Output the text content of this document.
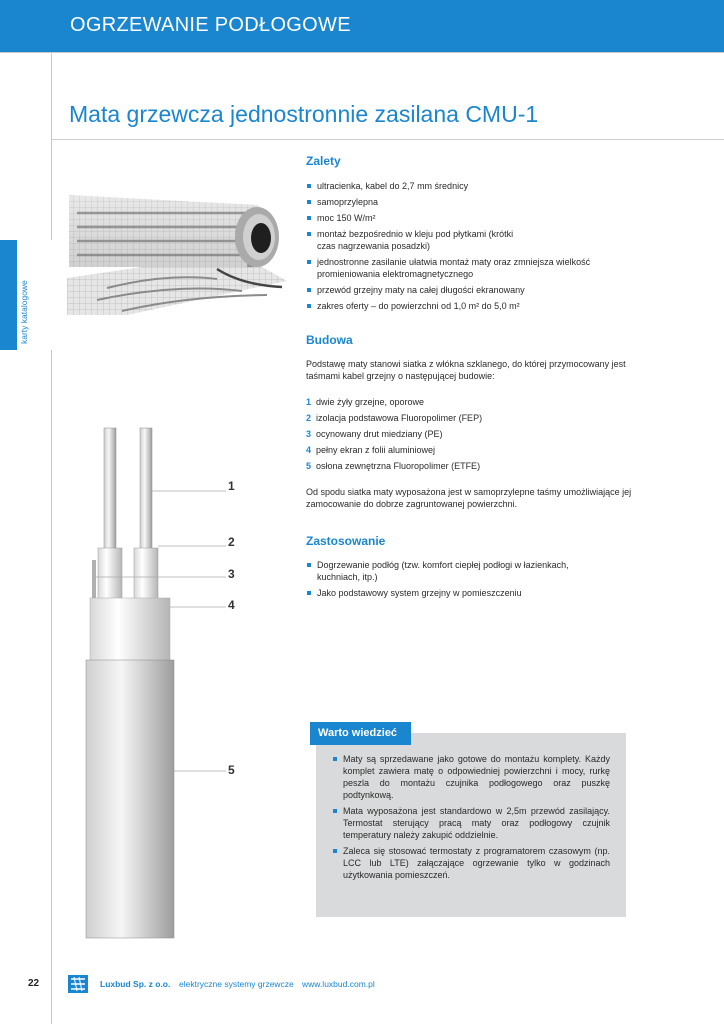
OGRZEWANIE PODŁOGOWE
Mata grzewcza jednostronnie zasilana CMU-1
karty katalogowe
Zalety
ultracienka, kabel do 2,7 mm średnicy
samoprzylepna
moc 150 W/m²
montaż bezpośrednio w kleju pod płytkami (krótki czas nagrzewania posadzki)
jednostronne zasilanie ułatwia montaż maty oraz zmniejsza wielkość promieniowania elektromagnetycznego
przewód grzejny maty na całej długości ekranowany
zakres oferty – do powierzchni od 1,0 m² do 5,0 m²
Budowa
Podstawę maty stanowi siatka z włókna szklanego, do której przymocowany jest taśmami kabel grzejny o następującej budowie:
1 dwie żyły grzejne, oporowe
2 izolacja podstawowa Fluoropolimer (FEP)
3 ocynowany drut miedziany (PE)
4 pełny ekran z folii aluminiowej
5 osłona zewnętrzna Fluoropolimer (ETFE)
Od spodu siatka maty wyposażona jest w samoprzylepne taśmy umożliwiające jej zamocowanie do dobrze zagruntowanej powierzchni.
Zastosowanie
Dogrzewanie podłóg (tzw. komfort ciepłej podłogi w łazienkach, kuchniach, itp.)
Jako podstawowy system grzejny w pomieszczeniu
1
2
3
4
5
Warto wiedzieć
Maty są sprzedawane jako gotowe do montażu komplety. Każdy komplet zawiera matę o odpowiedniej powierzchni i mocy, rurkę peszla do montażu czujnika podłogowego oraz puszkę podtynkową.
Mata wyposażona jest standardowo w 2,5m przewód zasilający. Termostat sterujący pracą maty oraz podłogowy czujnik temperatury należy zakupić oddzielnie.
Zaleca się stosować termostaty z programatorem czasowym (np. LCC lub LTE) załączające ogrzewanie tylko w godzinach użytkowania pomieszczeń.
22	Luxbud Sp. z o.o. elektryczne systemy grzewcze www.luxbud.com.pl
